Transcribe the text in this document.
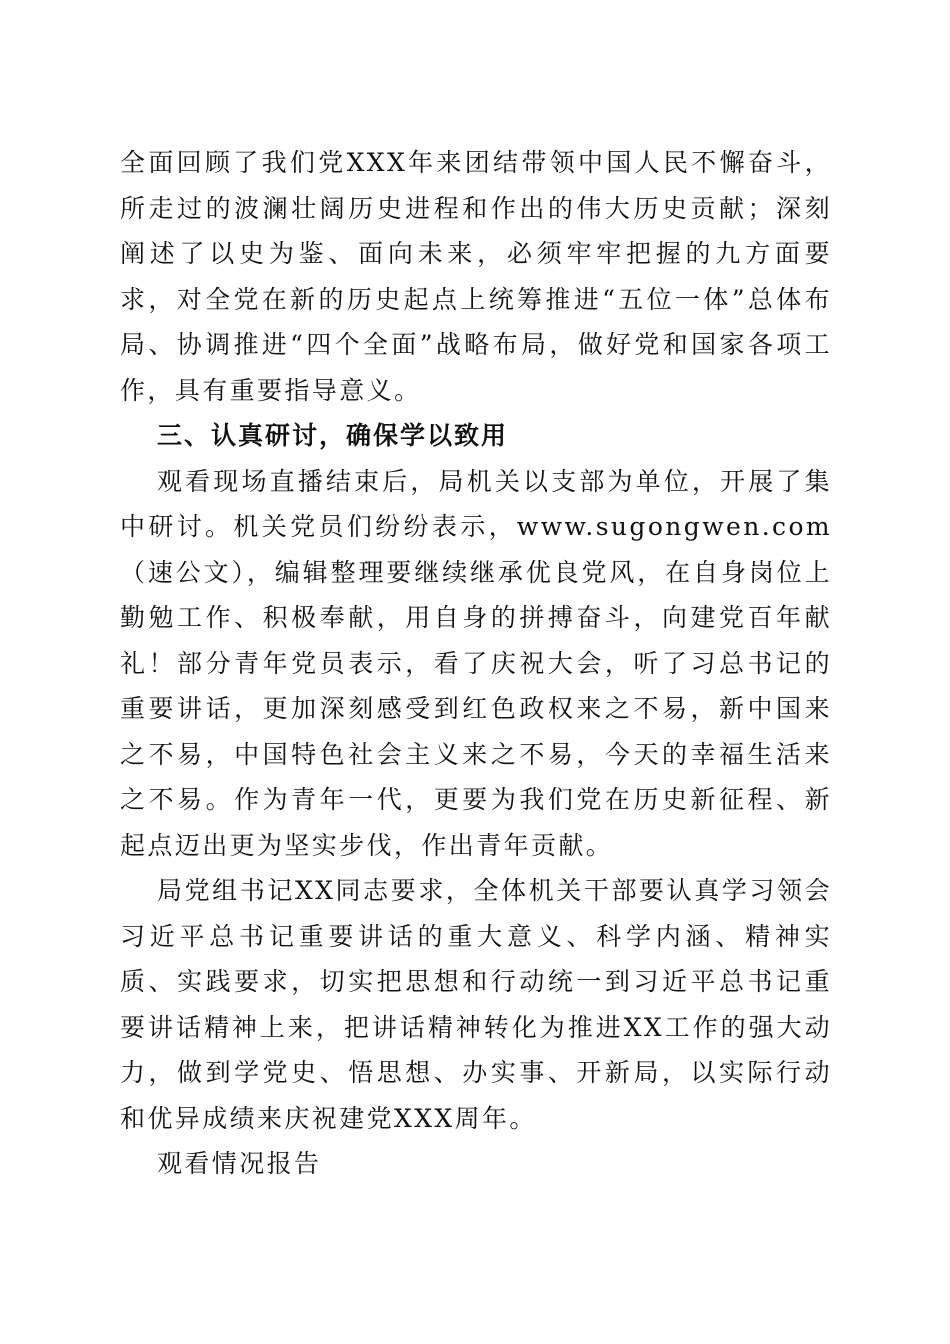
全面回顾了我们党XXX年来团结带领中国人民不懈奋斗，所走过的波澜壮阔历史进程和作出的伟大历史贡献；深刻阐述了以史为鉴、面向未来，必须牢牢把握的九方面要求，对全党在新的历史起点上统筹推进“五位一体”总体布局、协调推进“四个全面”战略布局，做好党和国家各项工作，具有重要指导意义。

三、认真研讨，确保学以致用

观看现场直播结束后，局机关以支部为单位，开展了集中研讨。机关党员们纷纷表示，www.sugongwen.com（速公文），编辑整理要继续继承优良党风，在自身岗位上勤勉工作、积极奉献，用自身的拼搏奋斗，向建党百年献礼！部分青年党员表示，看了庆祝大会，听了习总书记的重要讲话，更加深刻感受到红色政权来之不易，新中国来之不易，中国特色社会主义来之不易，今天的幸福生活来之不易。作为青年一代，更要为我们党在历史新征程、新起点迈出更为坚实步伐，作出青年贡献。

局党组书记XX同志要求，全体机关干部要认真学习领会习近平总书记重要讲话的重大意义、科学内涵、精神实质、实践要求，切实把思想和行动统一到习近平总书记重要讲话精神上来，把讲话精神转化为推进XX工作的强大动力，做到学党史、悟思想、办实事、开新局，以实际行动和优异成绩来庆祝建党XXX周年。

观看情况报告
